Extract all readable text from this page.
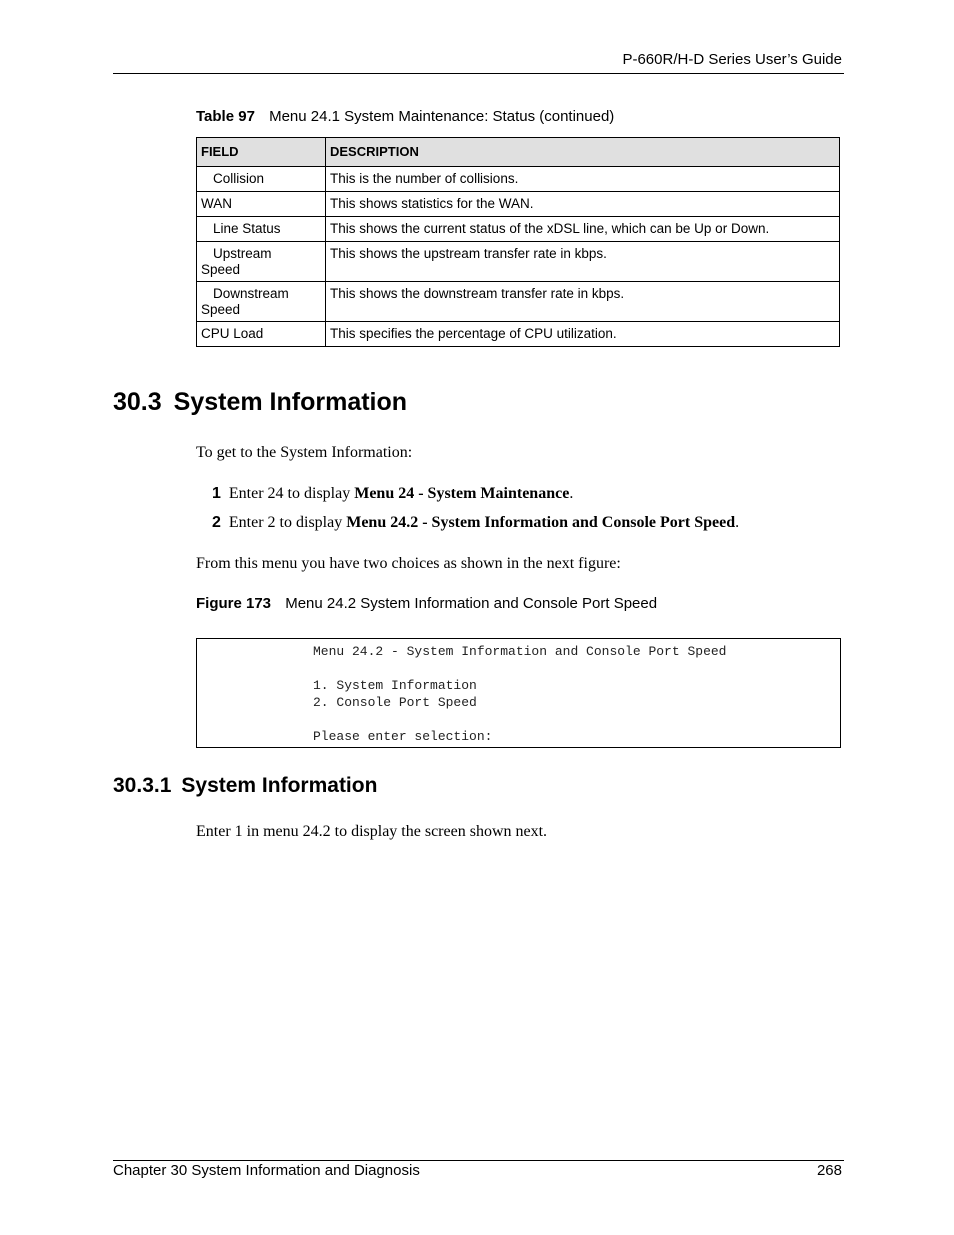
P-660R/H-D Series User’s Guide
Table 97 Menu 24.1 System Maintenance: Status (continued)
FIELD	DESCRIPTION
Collision	This is the number of collisions.
WAN	This shows statistics for the WAN.
Line Status	This shows the current status of the xDSL line, which can be Up or Down.
Upstream
Speed	This shows the upstream transfer rate in kbps.
Downstream
Speed	This shows the downstream transfer rate in kbps.
CPU Load	This specifies the percentage of CPU utilization.
30.3 System Information
To get to the System Information:
1 Enter 24 to display Menu 24 - System Maintenance.
2 Enter 2 to display Menu 24.2 - System Information and Console Port Speed.
From this menu you have two choices as shown in the next figure:
Figure 173 Menu 24.2 System Information and Console Port Speed
Menu 24.2 - System Information and Console Port Speed
1. System Information
2. Console Port Speed
Please enter selection:
30.3.1 System Information
Enter 1 in menu 24.2 to display the screen shown next.
Chapter 30 System Information and Diagnosis	268
